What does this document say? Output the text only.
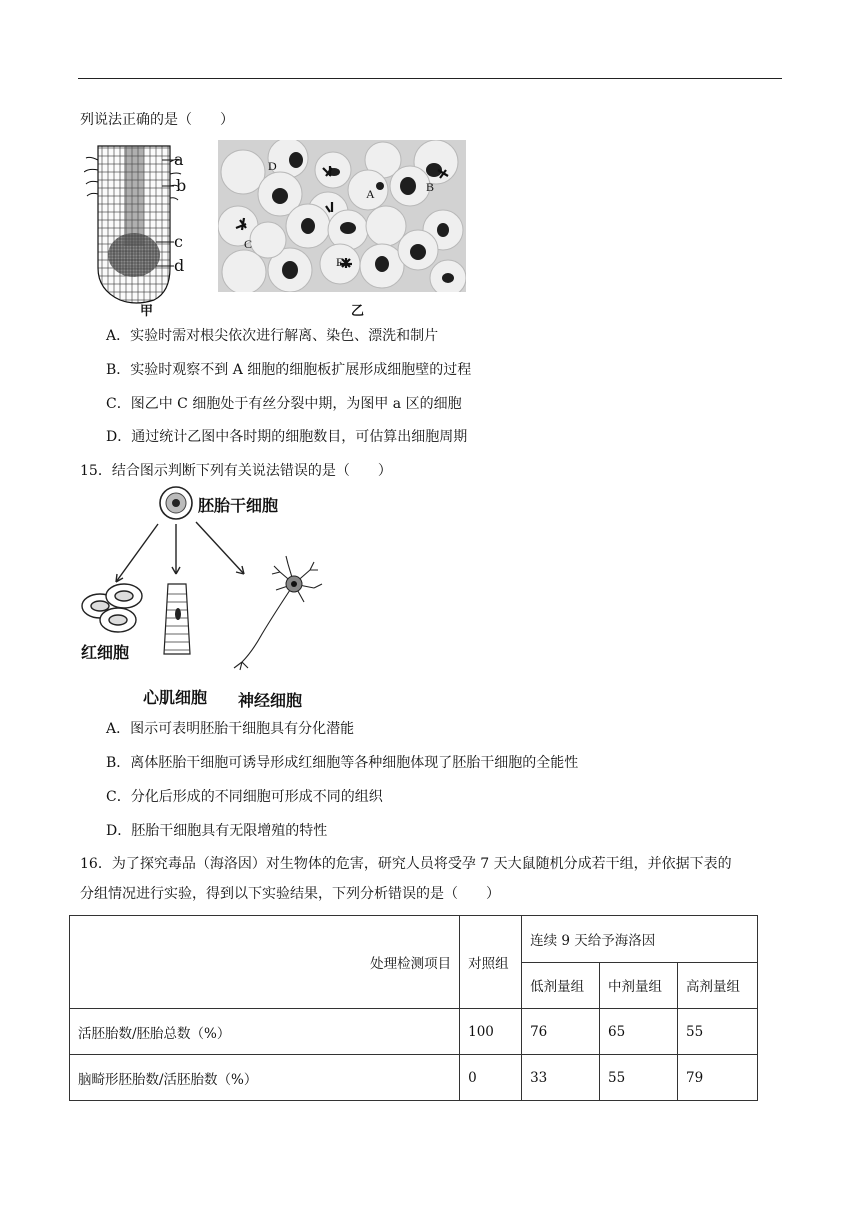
列说法正确的是（　　）
a
b
c
d
甲
D
A	B
C
E
乙
A．实验时需对根尖依次进行解离、染色、漂洗和制片
B．实验时观察不到 A 细胞的细胞板扩展形成细胞壁的过程
C．图乙中 C 细胞处于有丝分裂中期，为图甲 a 区的细胞
D．通过统计乙图中各时期的细胞数目，可估算出细胞周期
15．结合图示判断下列有关说法错误的是（　　）
胚胎干细胞
红细胞
心肌细胞 神经细胞
A．图示可表明胚胎干细胞具有分化潜能
B．离体胚胎干细胞可诱导形成红细胞等各种细胞体现了胚胎干细胞的全能性
C．分化后形成的不同细胞可形成不同的组织
D．胚胎干细胞具有无限增殖的特性
16．为了探究毒品（海洛因）对生物体的危害，研究人员将受孕 7 天大鼠随机分成若干组，并依据下表的
分组情况进行实验，得到以下实验结果，下列分析错误的是（　　）
处理检测项目	对照组	连续 9 天给予海洛因		
		低剂量组	中剂量组	高剂量组
活胚胎数/胚胎总数（%）	100	76	65	55
脑畸形胚胎数/活胚胎数（%）	0	33	55	79
